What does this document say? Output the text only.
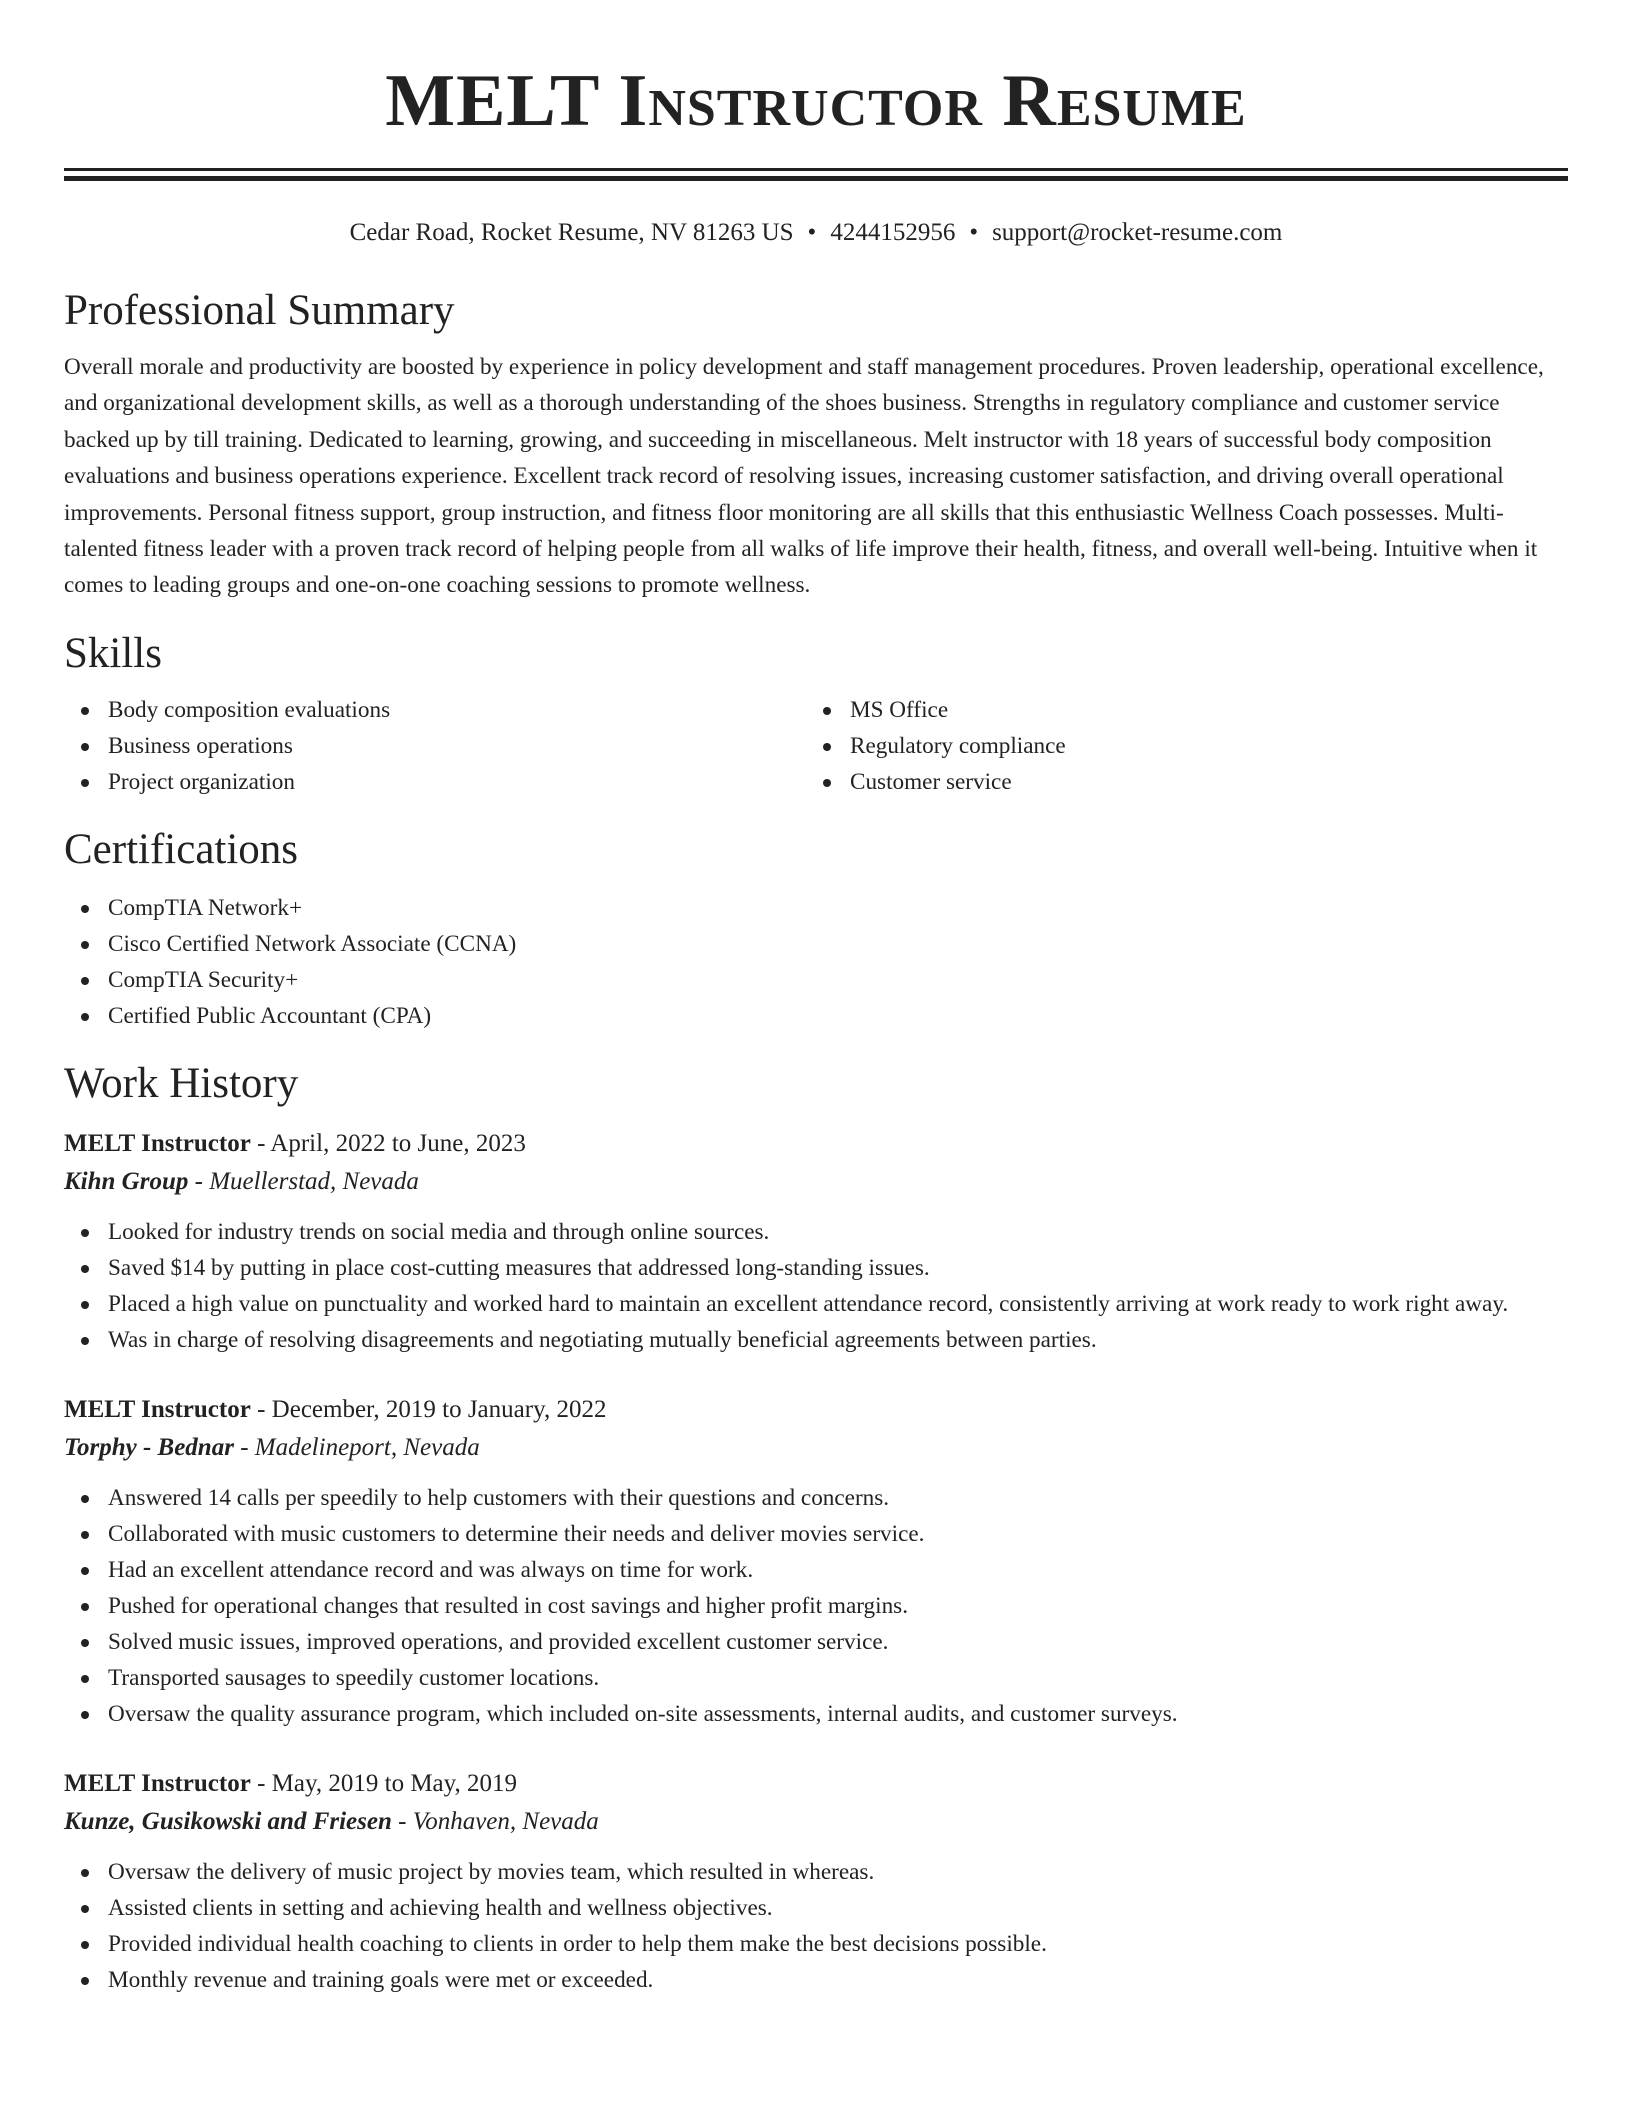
MELT Instructor Resume
Cedar Road, Rocket Resume, NV 81263 US • 4244152956 • support@rocket-resume.com
Professional Summary

Overall morale and productivity are boosted by experience in policy development and staff management procedures. Proven leadership, operational excellence, and organizational development skills, as well as a thorough understanding of the shoes business. Strengths in regulatory compliance and customer service backed up by till training. Dedicated to learning, growing, and succeeding in miscellaneous. Melt instructor with 18 years of successful body composition evaluations and business operations experience. Excellent track record of resolving issues, increasing customer satisfaction, and driving overall operational improvements. Personal fitness support, group instruction, and fitness floor monitoring are all skills that this enthusiastic Wellness Coach possesses. Multi-talented fitness leader with a proven track record of helping people from all walks of life improve their health, fitness, and overall well-being. Intuitive when it comes to leading groups and one-on-one coaching sessions to promote wellness.

Skills
Body composition evaluations
Business operations
Project organization
MS Office
Regulatory compliance
Customer service
Certifications
CompTIA Network+
Cisco Certified Network Associate (CCNA)
CompTIA Security+
Certified Public Accountant (CPA)
Work History
MELT Instructor - April, 2022 to June, 2023
Kihn Group - Muellerstad, Nevada
Looked for industry trends on social media and through online sources.
Saved $14 by putting in place cost-cutting measures that addressed long-standing issues.
Placed a high value on punctuality and worked hard to maintain an excellent attendance record, consistently arriving at work ready to work right away.
Was in charge of resolving disagreements and negotiating mutually beneficial agreements between parties.
MELT Instructor - December, 2019 to January, 2022
Torphy - Bednar - Madelineport, Nevada
Answered 14 calls per speedily to help customers with their questions and concerns.
Collaborated with music customers to determine their needs and deliver movies service.
Had an excellent attendance record and was always on time for work.
Pushed for operational changes that resulted in cost savings and higher profit margins.
Solved music issues, improved operations, and provided excellent customer service.
Transported sausages to speedily customer locations.
Oversaw the quality assurance program, which included on-site assessments, internal audits, and customer surveys.
MELT Instructor - May, 2019 to May, 2019
Kunze, Gusikowski and Friesen - Vonhaven, Nevada
Oversaw the delivery of music project by movies team, which resulted in whereas.
Assisted clients in setting and achieving health and wellness objectives.
Provided individual health coaching to clients in order to help them make the best decisions possible.
Monthly revenue and training goals were met or exceeded.
